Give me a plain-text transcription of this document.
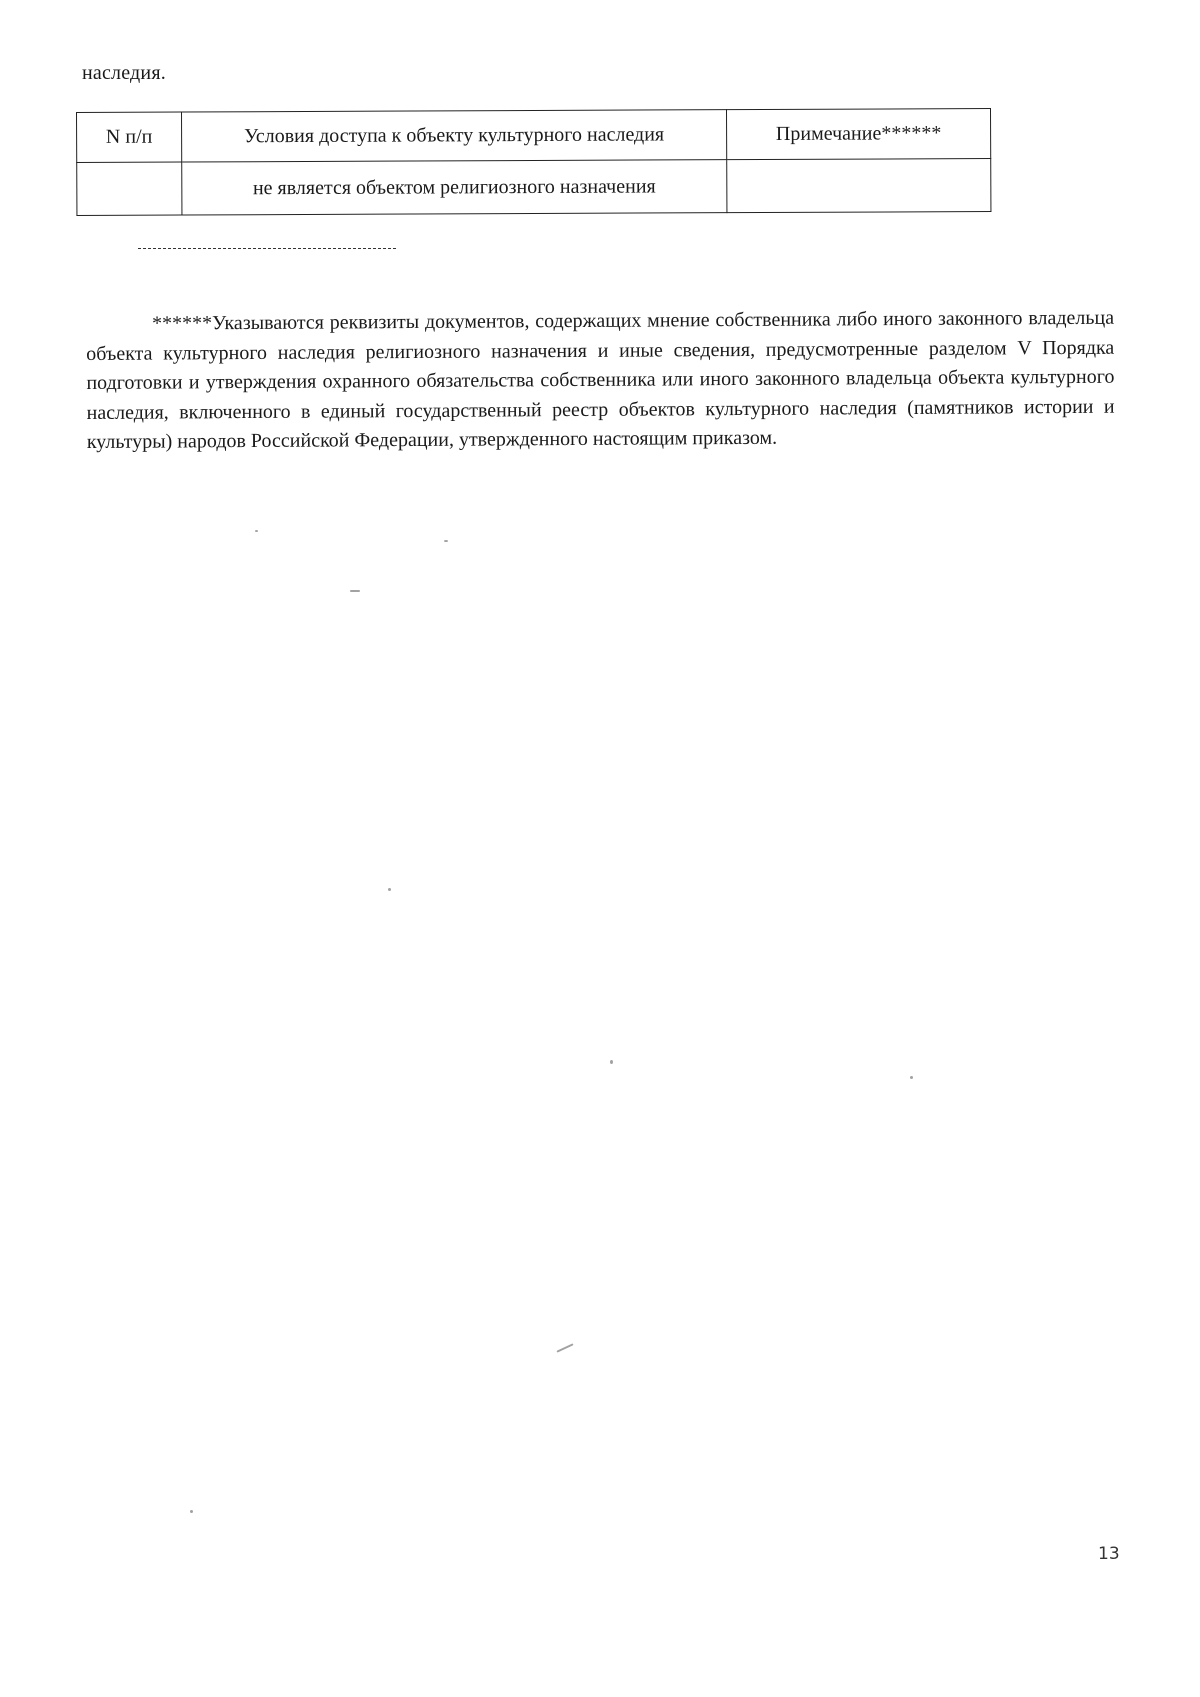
наследия.
N п/п	Условия доступа к объекту культурного наследия	Примечание******
	не является объектом религиозного назначения	

******Указываются реквизиты документов, содержащих мнение собственника либо иного законного владельца объекта культурного наследия религиозного назначения и иные сведения, предусмотренные разделом V Порядка подготовки и утверждения охранного обязательства собственника или иного законного владельца объекта культурного наследия, включенного в единый государственный реестр объектов культурного наследия (памятников истории и культуры) народов Российской Федерации, утвержденного настоящим приказом.

13
